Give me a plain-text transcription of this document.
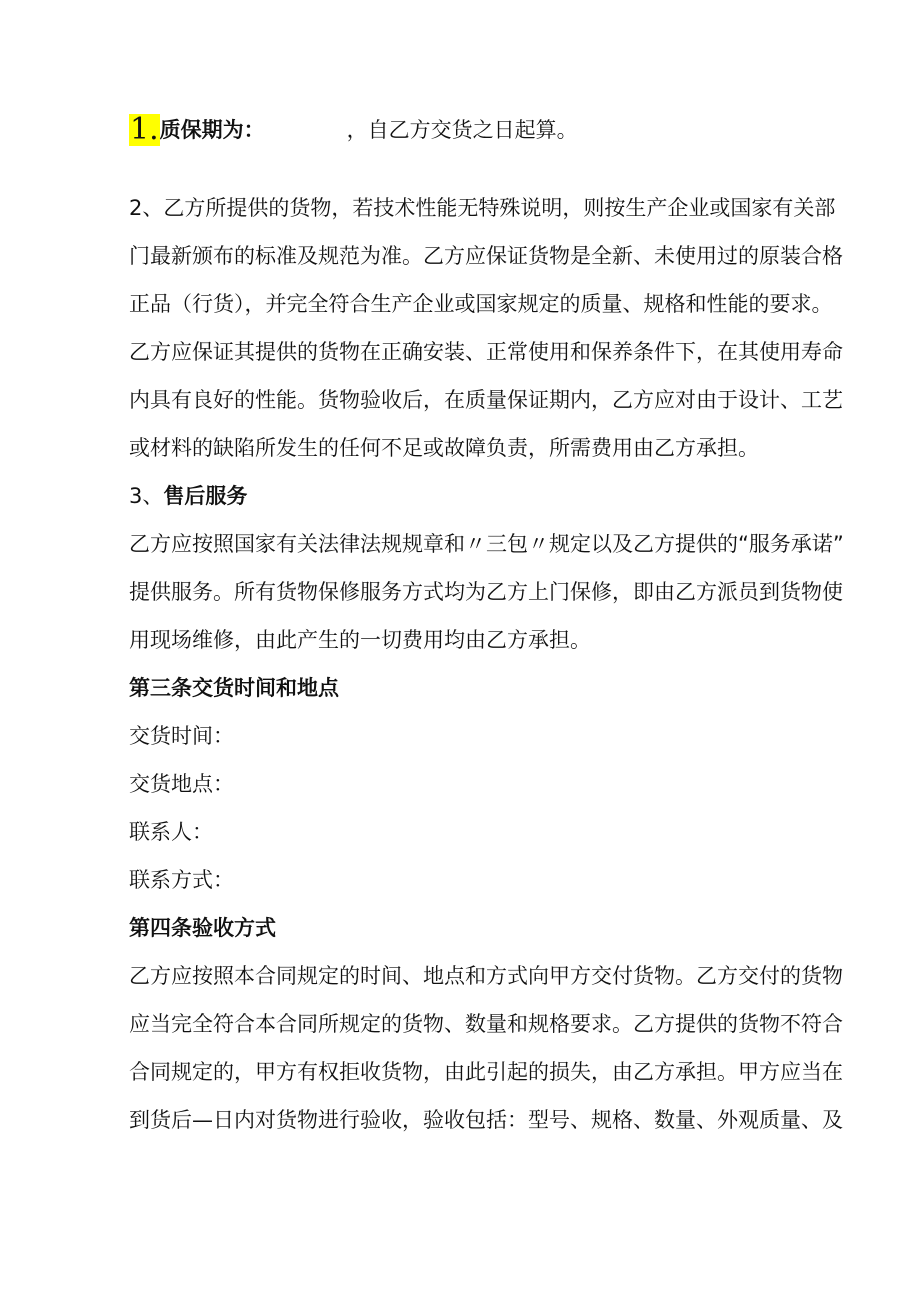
1.质保期为：	，自乙方交货之日起算。
2、乙方所提供的货物，若技术性能无特殊说明，则按生产企业或国家有关部
门最新颁布的标准及规范为准。乙方应保证货物是全新、未使用过的原装合格
正品（行货），并完全符合生产企业或国家规定的质量、规格和性能的要求。
乙方应保证其提供的货物在正确安装、正常使用和保养条件下，在其使用寿命
内具有良好的性能。货物验收后，在质量保证期内，乙方应对由于设计、工艺
或材料的缺陷所发生的任何不足或故障负责，所需费用由乙方承担。
3、售后服务
乙方应按照国家有关法律法规规章和〃三包〃规定以及乙方提供的“服务承诺”
提供服务。所有货物保修服务方式均为乙方上门保修，即由乙方派员到货物使
用现场维修，由此产生的一切费用均由乙方承担。
第三条交货时间和地点
交货时间：
交货地点：
联系人：
联系方式：
第四条验收方式
乙方应按照本合同规定的时间、地点和方式向甲方交付货物。乙方交付的货物
应当完全符合本合同所规定的货物、数量和规格要求。乙方提供的货物不符合
合同规定的，甲方有权拒收货物，由此引起的损失，由乙方承担。甲方应当在
到货后—日内对货物进行验收，验收包括：型号、规格、数量、外观质量、及
